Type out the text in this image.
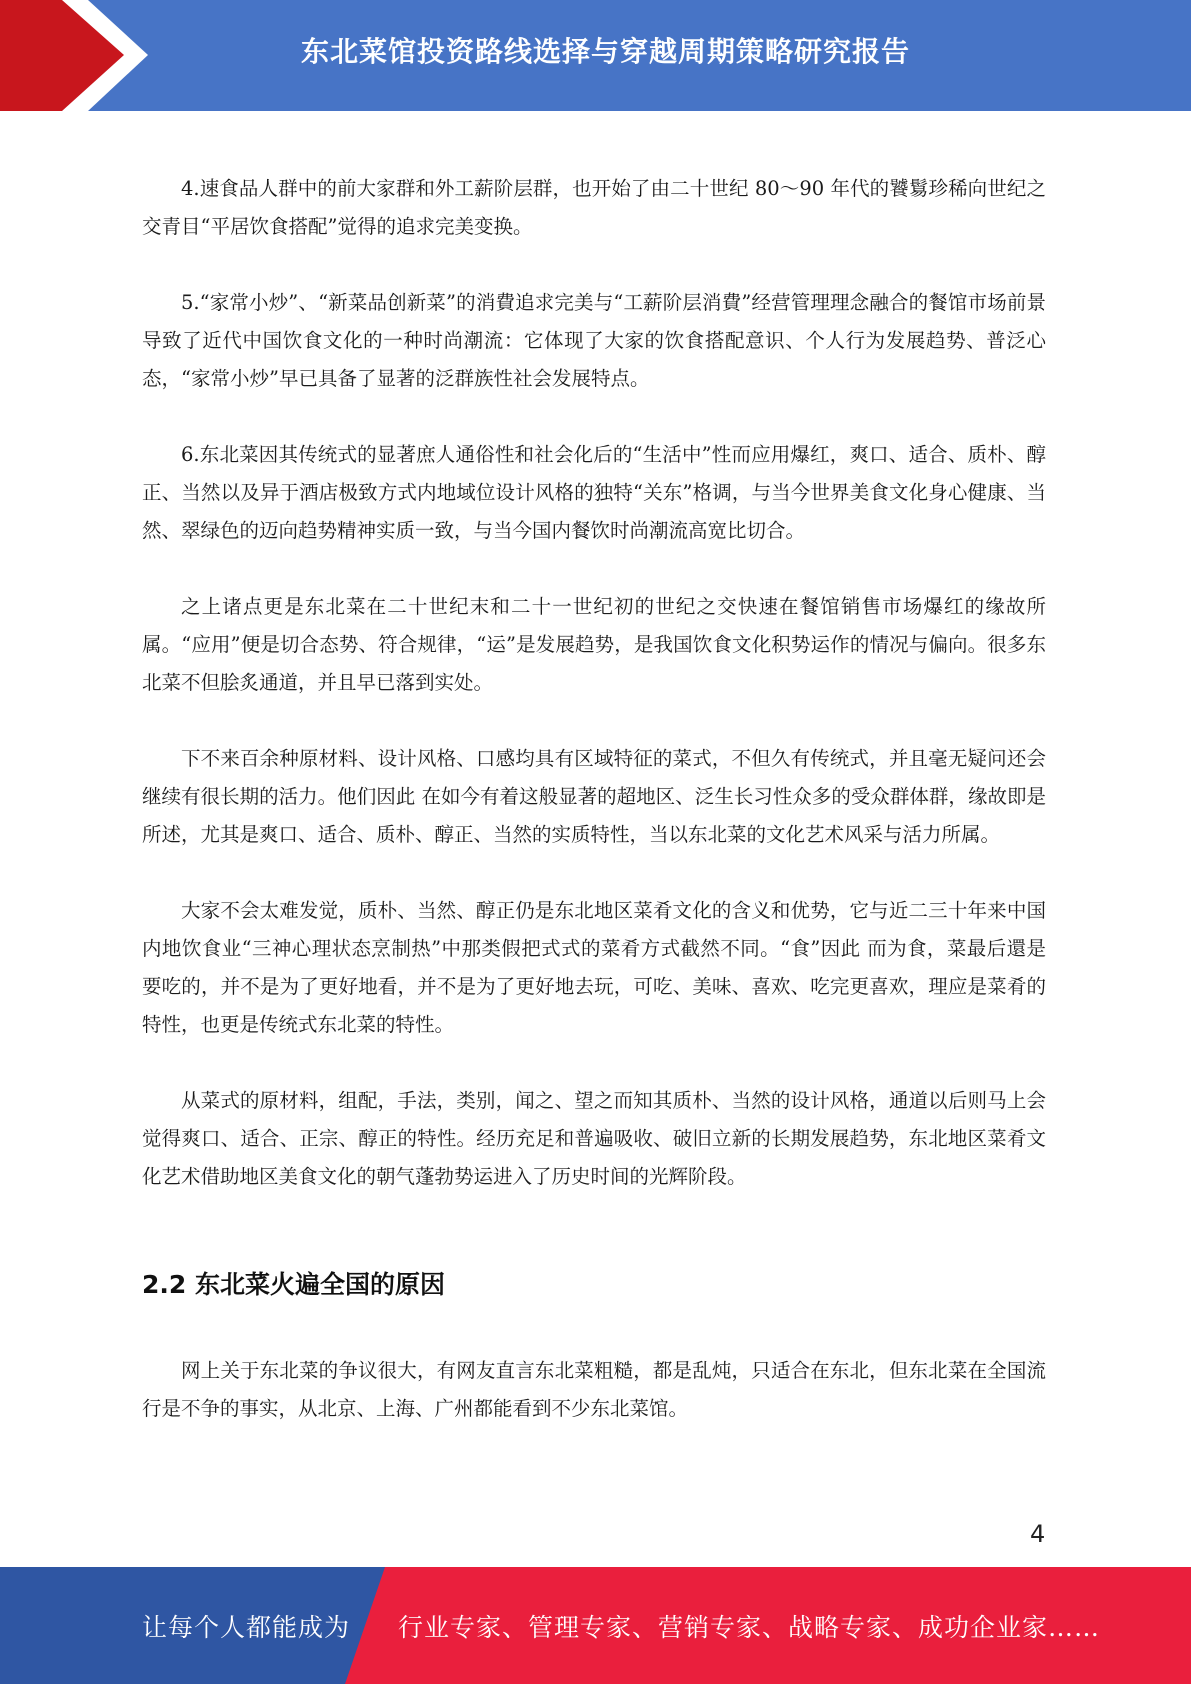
东北菜馆投资路线选择与穿越周期策略研究报告

4.速食品人群中的前大家群和外工薪阶层群，也开始了由二十世纪 80～90 年代的饕鬄珍稀向世纪之交青目“平居饮食搭配”觉得的追求完美变换。

5.“家常小炒”、“新菜品创新菜”的消費追求完美与“工薪阶层消費”经营管理理念融合的餐馆市场前景导致了近代中国饮食文化的一种时尚潮流：它体现了大家的饮食搭配意识、个人行为发展趋势、普泛心态，“家常小炒”早已具备了显著的泛群族性社会发展特点。

6.东北菜因其传统式的显著庶人通俗性和社会化后的“生活中”性而应用爆红，爽口、适合、质朴、醇正、当然以及异于酒店极致方式内地域位设计风格的独特“关东”格调，与当今世界美食文化身心健康、当然、翠绿色的迈向趋势精神实质一致，与当今国内餐饮时尚潮流高宽比切合。

之上诸点更是东北菜在二十世纪末和二十一世纪初的世纪之交快速在餐馆销售市场爆红的缘故所属。“应用”便是切合态势、符合规律，“运”是发展趋势，是我国饮食文化积势运作的情况与偏向。很多东北菜不但脍炙通道，并且早已落到实处。

下不来百余种原材料、设计风格、口感均具有区域特征的菜式，不但久有传统式，并且毫无疑问还会继续有很长期的活力。他们因此 在如今有着这般显著的超地区、泛生长习性众多的受众群体群，缘故即是所述，尤其是爽口、适合、质朴、醇正、当然的实质特性，当以东北菜的文化艺术风采与活力所属。

大家不会太难发觉，质朴、当然、醇正仍是东北地区菜肴文化的含义和优势，它与近二三十年来中国内地饮食业“三神心理状态烹制热”中那类假把式式的菜肴方式截然不同。“食”因此 而为食，菜最后還是要吃的，并不是为了更好地看，并不是为了更好地去玩，可吃、美味、喜欢、吃完更喜欢，理应是菜肴的特性，也更是传统式东北菜的特性。

从菜式的原材料，组配，手法，类别，闻之、望之而知其质朴、当然的设计风格，通道以后则马上会觉得爽口、适合、正宗、醇正的特性。经历充足和普遍吸收、破旧立新的长期发展趋势，东北地区菜肴文化艺术借助地区美食文化的朝气蓬勃势运进入了历史时间的光辉阶段。

2.2 东北菜火遍全国的原因

网上关于东北菜的争议很大，有网友直言东北菜粗糙，都是乱炖，只适合在东北，但东北菜在全国流行是不争的事实，从北京、上海、广州都能看到不少东北菜馆。

4
让每个人都能成为 行业专家、管理专家、营销专家、战略专家、成功企业家……
